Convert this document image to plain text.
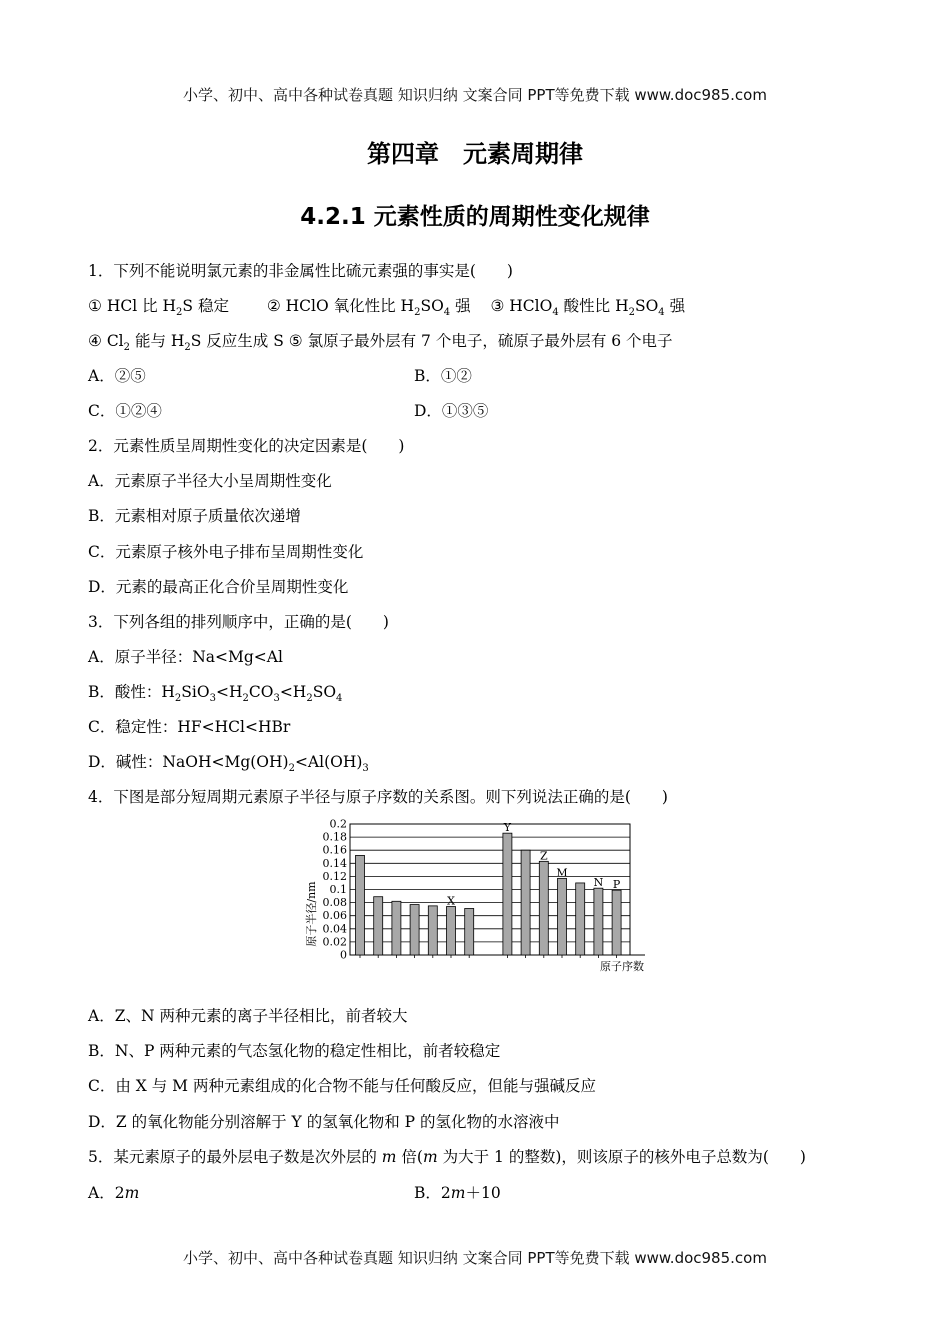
小学、初中、高中各种试卷真题 知识归纳 文案合同 PPT等免费下载 www.doc985.com
第四章　元素周期律
4.2.1 元素性质的周期性变化规律
1．下列不能说明氯元素的非金属性比硫元素强的事实是(　　)
① HCl 比 $H_2S$ 稳定 ② HClO 氧化性比 $H_2SO_4$ 强 ③ HClO$_4$ 酸性比 $H_2SO_4$ 强
④ $Cl_2$ 能与 $H_2S$ 反应生成 S ⑤ 氯原子最外层有 7 个电子，硫原子最外层有 6 个电子
A．②⑤	B．①②
C．①②④	D．①③⑤
2．元素性质呈周期性变化的决定因素是(　　)
A．元素原子半径大小呈周期性变化
B．元素相对原子质量依次递增
C．元素原子核外电子排布呈周期性变化
D．元素的最高正化合价呈周期性变化
3．下列各组的排列顺序中，正确的是(　　)
A．原子半径：Na<Mg<Al
B．酸性：$H_2SiO_3<H_2CO_3<H_2SO_4$
C．稳定性：HF<HCl<HBr
D．碱性：$NaOH<Mg(OH)_2<Al(OH)_3$
4．下图是部分短周期元素原子半径与原子序数的关系图。则下列说法正确的是(　　)
0
0.02
0.04
0.06
0.08
0.1
0.12
0.14
0.16
0.18
0.2
X
Y
Z
M
N P
原子半径/nm
原子序数
A．Z、N 两种元素的离子半径相比，前者较大
B．N、P 两种元素的气态氢化物的稳定性相比，前者较稳定
C．由 X 与 M 两种元素组成的化合物不能与任何酸反应，但能与强碱反应
D．Z 的氧化物能分别溶解于 Y 的氢氧化物和 P 的氢化物的水溶液中
5．某元素原子的最外层电子数是次外层的 m 倍(m 为大于 1 的整数)，则该原子的核外电子总数为(　　)
A．2m	B．2m＋10
小学、初中、高中各种试卷真题 知识归纳 文案合同 PPT等免费下载 www.doc985.com
